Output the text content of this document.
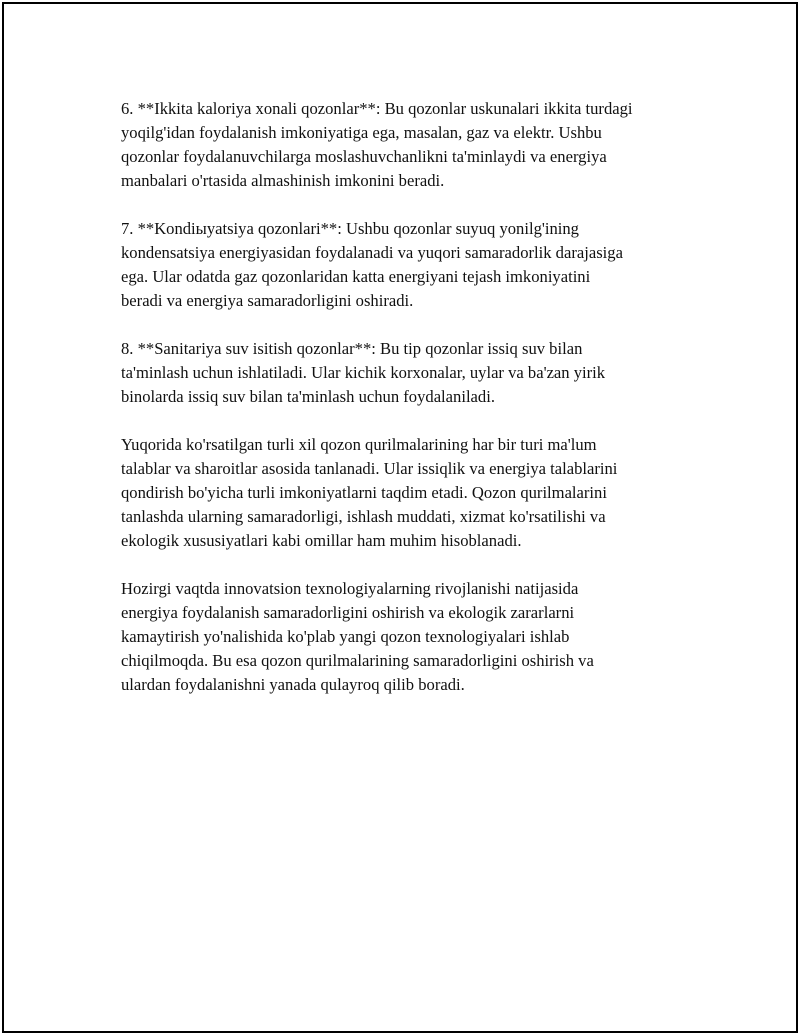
6. **Ikkita kaloriya xonali qozonlar**: Bu qozonlar uskunalari ikkita turdagi
yoqilg'idan foydalanish imkoniyatiga ega, masalan, gaz va elektr. Ushbu
qozonlar foydalanuvchilarga moslashuvchanlikni ta'minlaydi va energiya
manbalari o'rtasida almashinish imkonini beradi.

7. **Kondiыyatsiya qozonlari**: Ushbu qozonlar suyuq yonilg'ining
kondensatsiya energiyasidan foydalanadi va yuqori samaradorlik darajasiga
ega. Ular odatda gaz qozonlaridan katta energiyani tejash imkoniyatini
beradi va energiya samaradorligini oshiradi.

8. **Sanitariya suv isitish qozonlar**: Bu tip qozonlar issiq suv bilan
ta'minlash uchun ishlatiladi. Ular kichik korxonalar, uylar va ba'zan yirik
binolarda issiq suv bilan ta'minlash uchun foydalaniladi.

Yuqorida ko'rsatilgan turli xil qozon qurilmalarining har bir turi ma'lum
talablar va sharoitlar asosida tanlanadi. Ular issiqlik va energiya talablarini
qondirish bo'yicha turli imkoniyatlarni taqdim etadi. Qozon qurilmalarini
tanlashda ularning samaradorligi, ishlash muddati, xizmat ko'rsatilishi va
ekologik xususiyatlari kabi omillar ham muhim hisoblanadi.

Hozirgi vaqtda innovatsion texnologiyalarning rivojlanishi natijasida
energiya foydalanish samaradorligini oshirish va ekologik zararlarni
kamaytirish yo'nalishida ko'plab yangi qozon texnologiyalari ishlab
chiqilmoqda. Bu esa qozon qurilmalarining samaradorligini oshirish va
ulardan foydalanishni yanada qulayroq qilib boradi.
